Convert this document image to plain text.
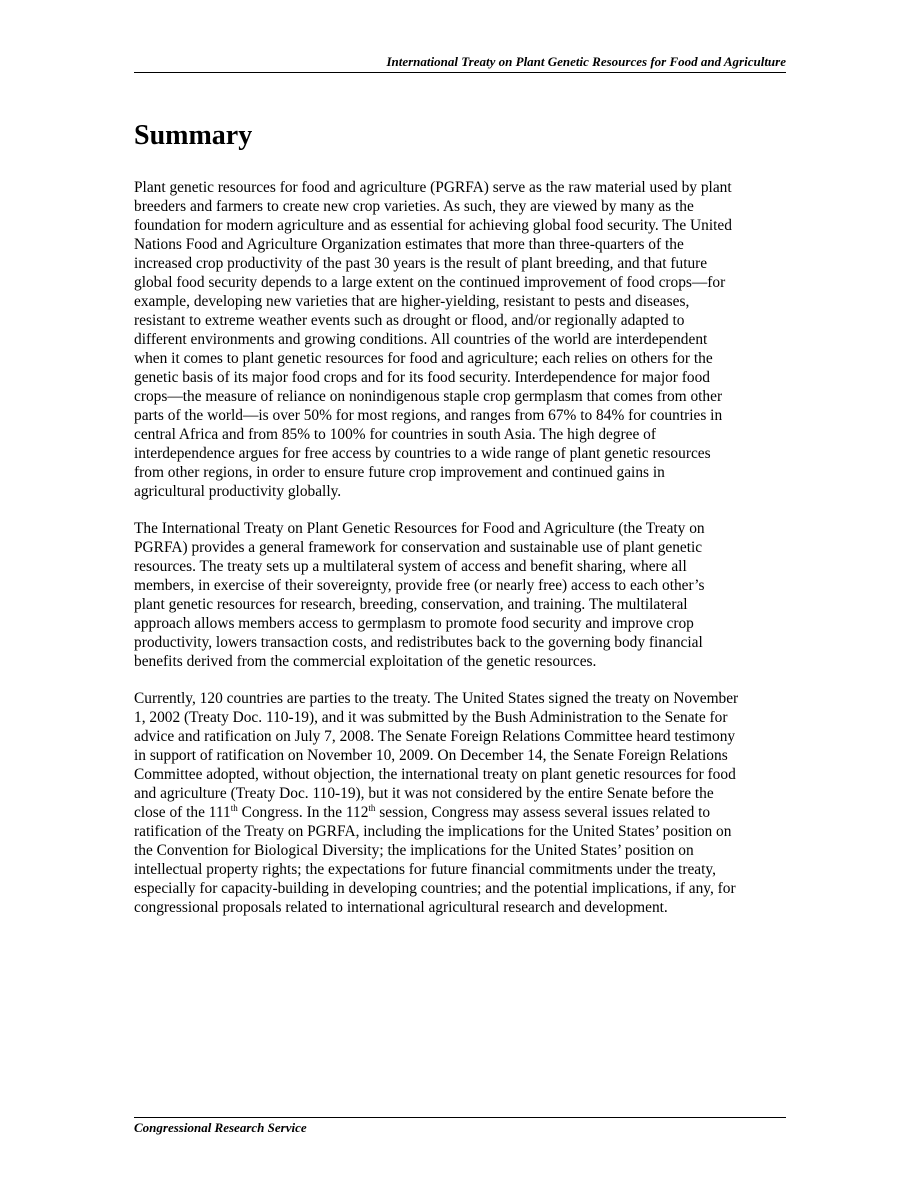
International Treaty on Plant Genetic Resources for Food and Agriculture
Summary

Plant genetic resources for food and agriculture (PGRFA) serve as the raw material used by plant
breeders and farmers to create new crop varieties. As such, they are viewed by many as the
foundation for modern agriculture and as essential for achieving global food security. The United
Nations Food and Agriculture Organization estimates that more than three-quarters of the
increased crop productivity of the past 30 years is the result of plant breeding, and that future
global food security depends to a large extent on the continued improvement of food crops—for
example, developing new varieties that are higher-yielding, resistant to pests and diseases,
resistant to extreme weather events such as drought or flood, and/or regionally adapted to
different environments and growing conditions. All countries of the world are interdependent
when it comes to plant genetic resources for food and agriculture; each relies on others for the
genetic basis of its major food crops and for its food security. Interdependence for major food
crops—the measure of reliance on nonindigenous staple crop germplasm that comes from other
parts of the world—is over 50% for most regions, and ranges from 67% to 84% for countries in
central Africa and from 85% to 100% for countries in south Asia. The high degree of
interdependence argues for free access by countries to a wide range of plant genetic resources
from other regions, in order to ensure future crop improvement and continued gains in
agricultural productivity globally.

The International Treaty on Plant Genetic Resources for Food and Agriculture (the Treaty on
PGRFA) provides a general framework for conservation and sustainable use of plant genetic
resources. The treaty sets up a multilateral system of access and benefit sharing, where all
members, in exercise of their sovereignty, provide free (or nearly free) access to each other’s
plant genetic resources for research, breeding, conservation, and training. The multilateral
approach allows members access to germplasm to promote food security and improve crop
productivity, lowers transaction costs, and redistributes back to the governing body financial
benefits derived from the commercial exploitation of the genetic resources.

Currently, 120 countries are parties to the treaty. The United States signed the treaty on November
1, 2002 (Treaty Doc. 110-19), and it was submitted by the Bush Administration to the Senate for
advice and ratification on July 7, 2008. The Senate Foreign Relations Committee heard testimony
in support of ratification on November 10, 2009. On December 14, the Senate Foreign Relations
Committee adopted, without objection, the international treaty on plant genetic resources for food
and agriculture (Treaty Doc. 110-19), but it was not considered by the entire Senate before the
close of the 111th Congress. In the 112th session, Congress may assess several issues related to
ratification of the Treaty on PGRFA, including the implications for the United States’ position on
the Convention for Biological Diversity; the implications for the United States’ position on
intellectual property rights; the expectations for future financial commitments under the treaty,
especially for capacity-building in developing countries; and the potential implications, if any, for
congressional proposals related to international agricultural research and development.

Congressional Research Service
